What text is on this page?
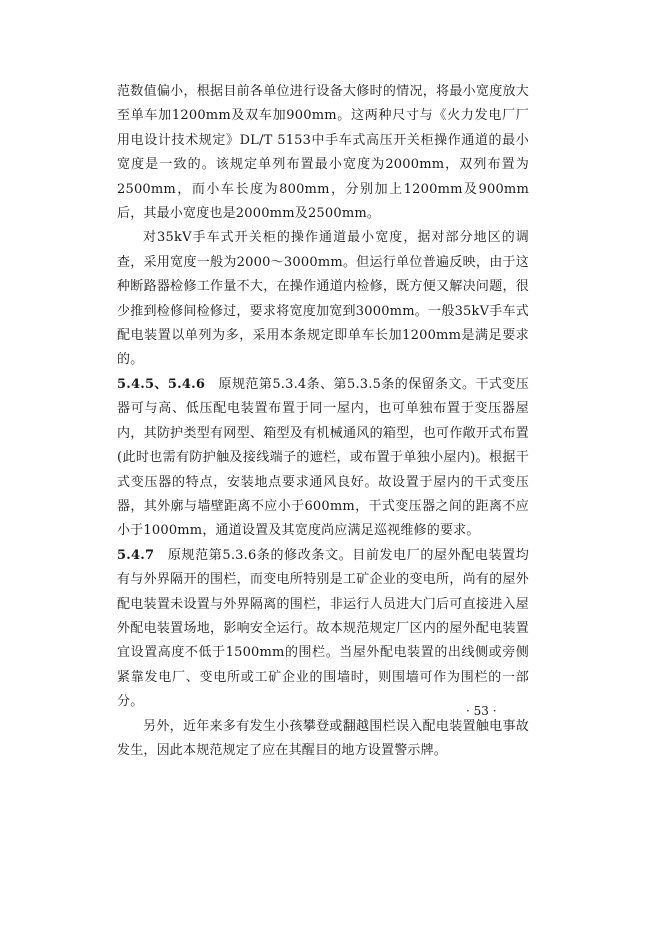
范数值偏小，根据目前各单位进行设备大修时的情况，将最小宽度放大至单车加1200mm及双车加900mm。这两种尺寸与《火力发电厂厂用电设计技术规定》DL/T 5153中手车式高压开关柜操作通道的最小宽度是一致的。该规定单列布置最小宽度为2000mm，双列布置为2500mm，而小车长度为800mm，分别加上1200mm及900mm后，其最小宽度也是2000mm及2500mm。

对35kV手车式开关柜的操作通道最小宽度，据对部分地区的调查，采用宽度一般为2000～3000mm。但运行单位普遍反映，由于这种断路器检修工作量不大，在操作通道内检修，既方便又解决问题，很少推到检修间检修过，要求将宽度加宽到3000mm。一般35kV手车式配电装置以单列为多，采用本条规定即单车长加1200mm是满足要求的。

5.4.5、5.4.6  原规范第5.3.4条、第5.3.5条的保留条文。干式变压器可与高、低压配电装置布置于同一屋内，也可单独布置于变压器屋内，其防护类型有网型、箱型及有机械通风的箱型，也可作敞开式布置(此时也需有防护触及接线端子的遮栏，或布置于单独小屋内)。根据干式变压器的特点，安装地点要求通风良好。故设置于屋内的干式变压器，其外廓与墙壁距离不应小于600mm，干式变压器之间的距离不应小于1000mm，通道设置及其宽度尚应满足巡视维修的要求。

5.4.7  原规范第5.3.6条的修改条文。目前发电厂的屋外配电装置均有与外界隔开的围栏，而变电所特别是工矿企业的变电所，尚有的屋外配电装置未设置与外界隔离的围栏，非运行人员进大门后可直接进入屋外配电装置场地，影响安全运行。故本规范规定厂区内的屋外配电装置宜设置高度不低于1500mm的围栏。当屋外配电装置的出线侧或旁侧紧靠发电厂、变电所或工矿企业的围墙时，则围墙可作为围栏的一部分。

另外，近年来多有发生小孩攀登或翻越围栏误入配电装置触电事故发生，因此本规范规定了应在其醒目的地方设置警示牌。

· 53 ·
